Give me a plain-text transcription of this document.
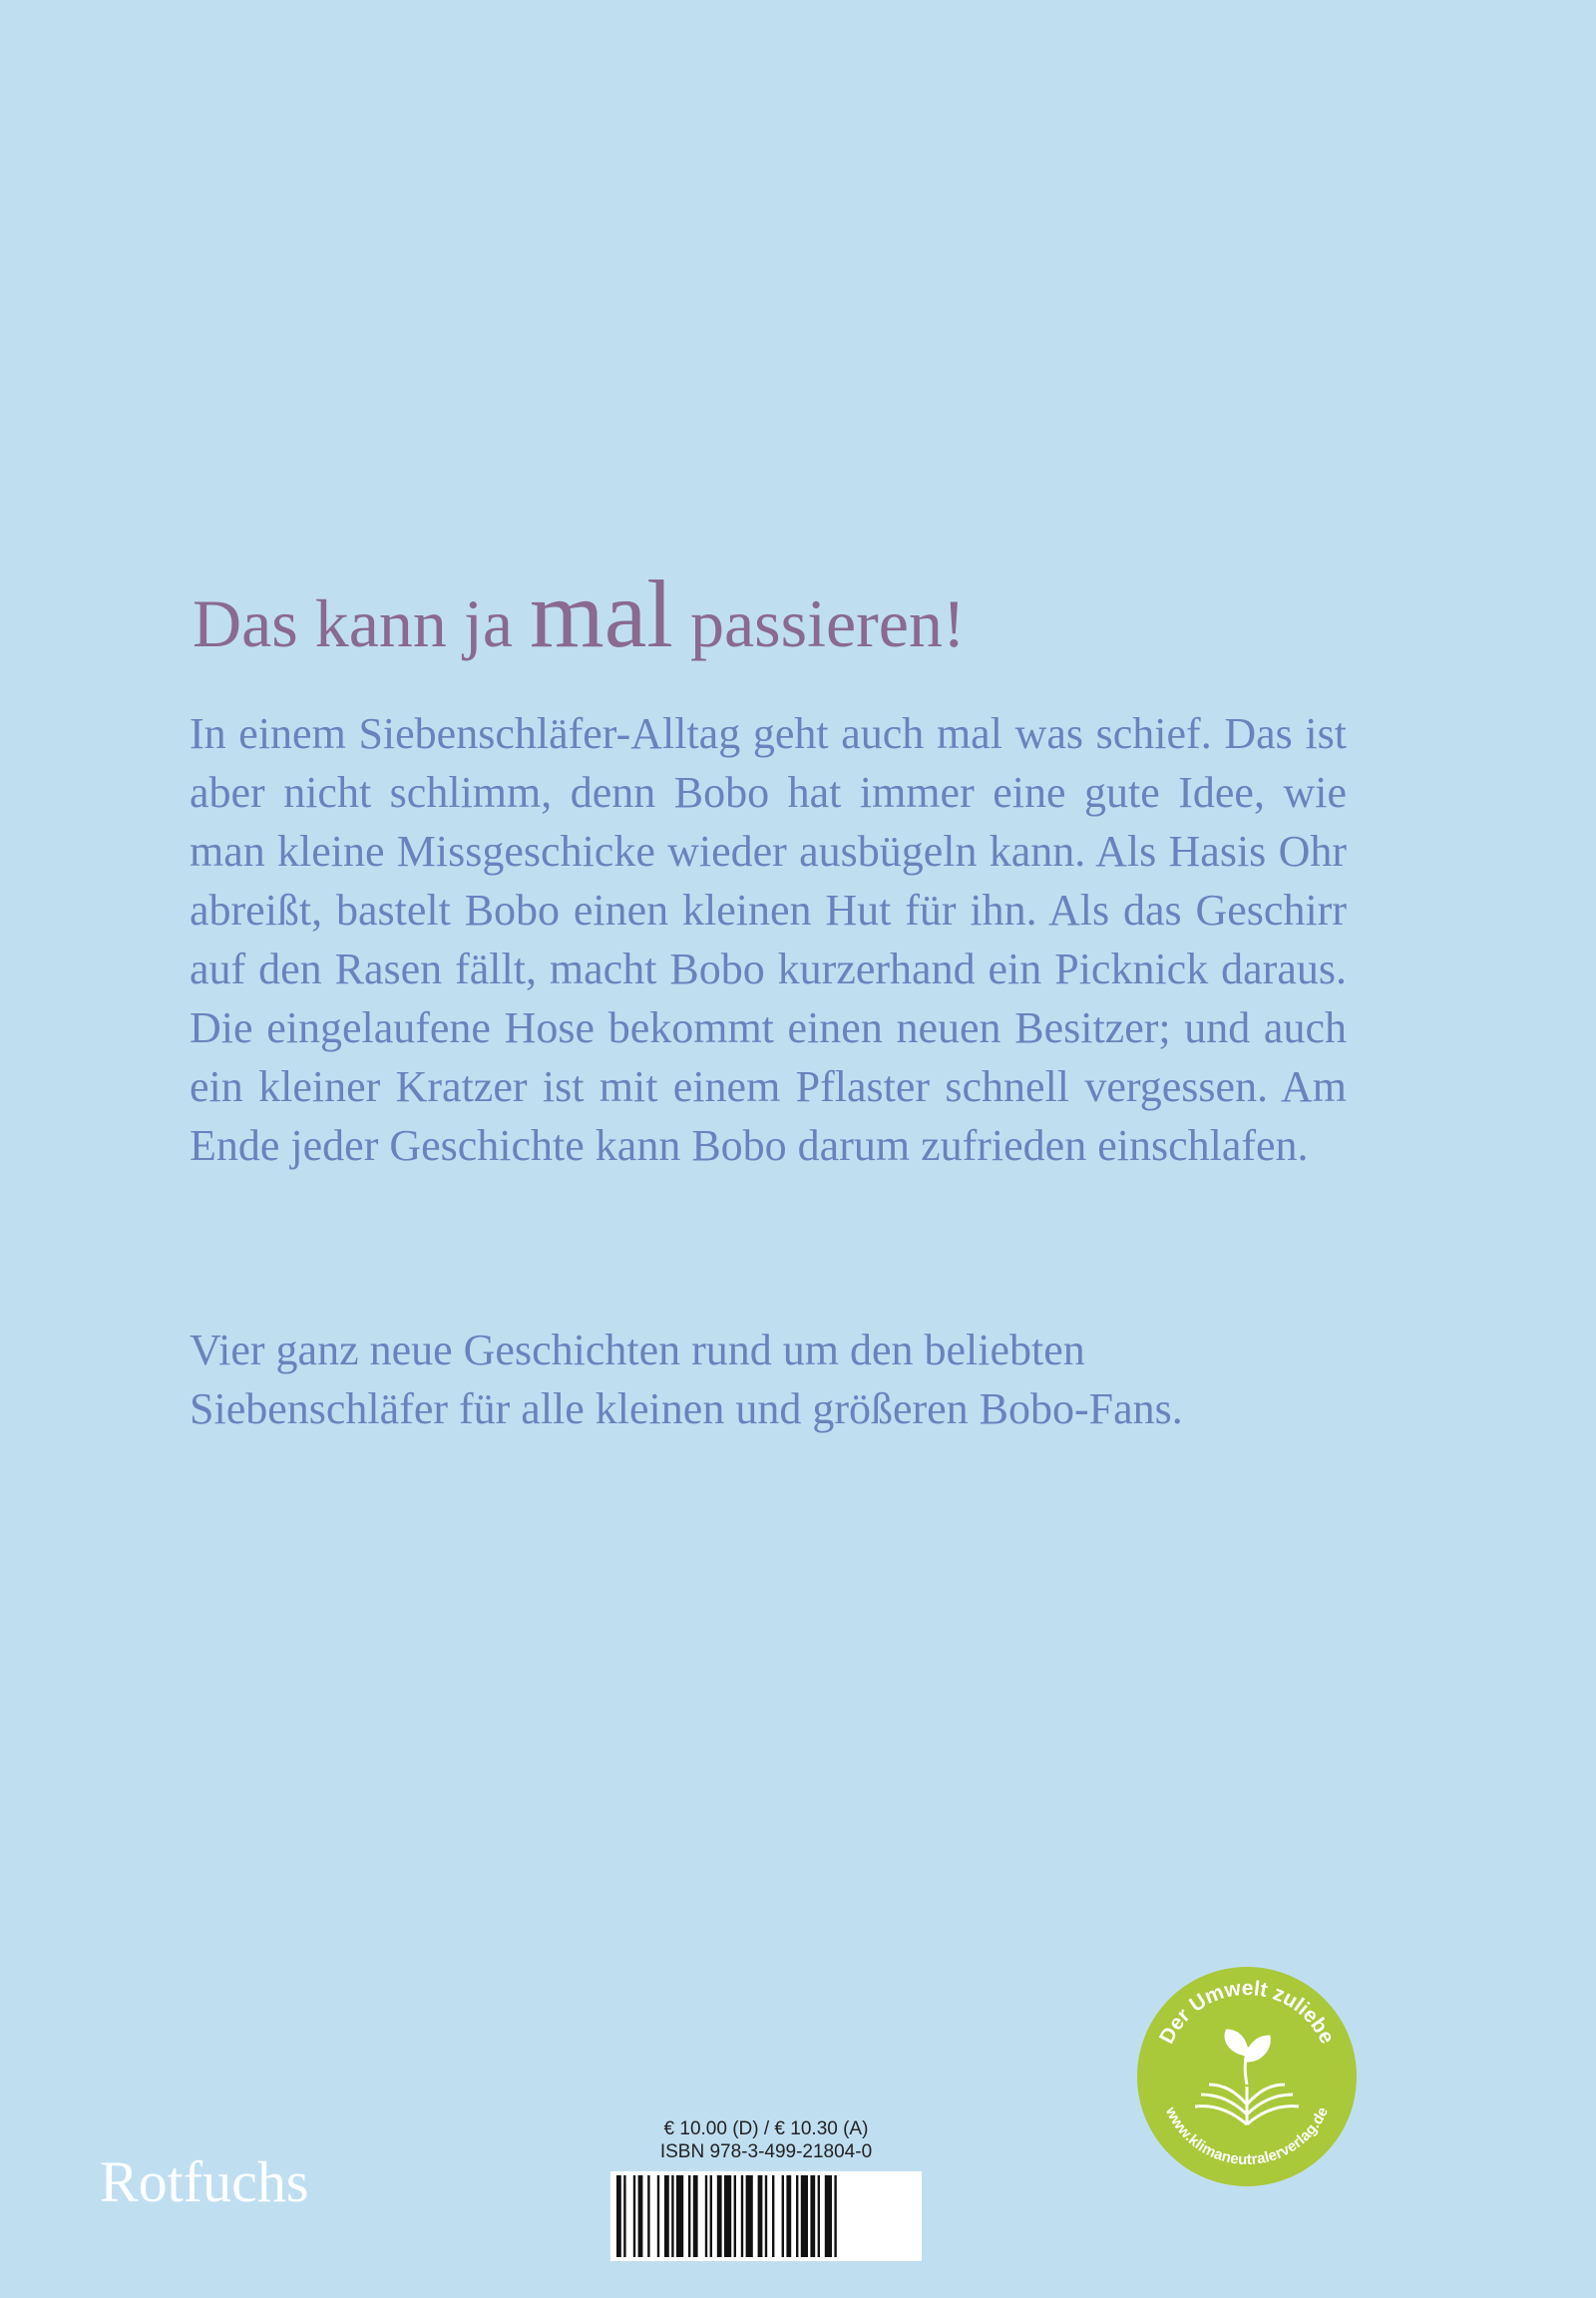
Das kann ja mal passieren!
In einem Siebenschläfer-Alltag geht auch mal was schief. Das ist aber nicht schlimm, denn Bobo hat immer eine gute Idee, wie man kleine Missgeschicke wieder ausbügeln kann. Als Hasis Ohr abreißt, bastelt Bobo einen kleinen Hut für ihn. Als das Geschirr auf den Rasen fällt, macht Bobo kurzerhand ein Picknick daraus. Die eingelaufene Hose bekommt einen neuen Besitzer; und auch ein kleiner Kratzer ist mit einem Pflaster schnell vergessen. Am Ende jeder Geschichte kann Bobo darum zufrieden einschlafen.

Vier ganz neue Geschichten rund um den beliebten Siebenschläfer für alle kleinen und größeren Bobo-Fans.

Rotfuchs
€ 10.00 (D) / € 10.30 (A)
ISBN 978-3-499-21804-0
Der Umwelt zuliebe
www.klimaneutralerverlag.de
